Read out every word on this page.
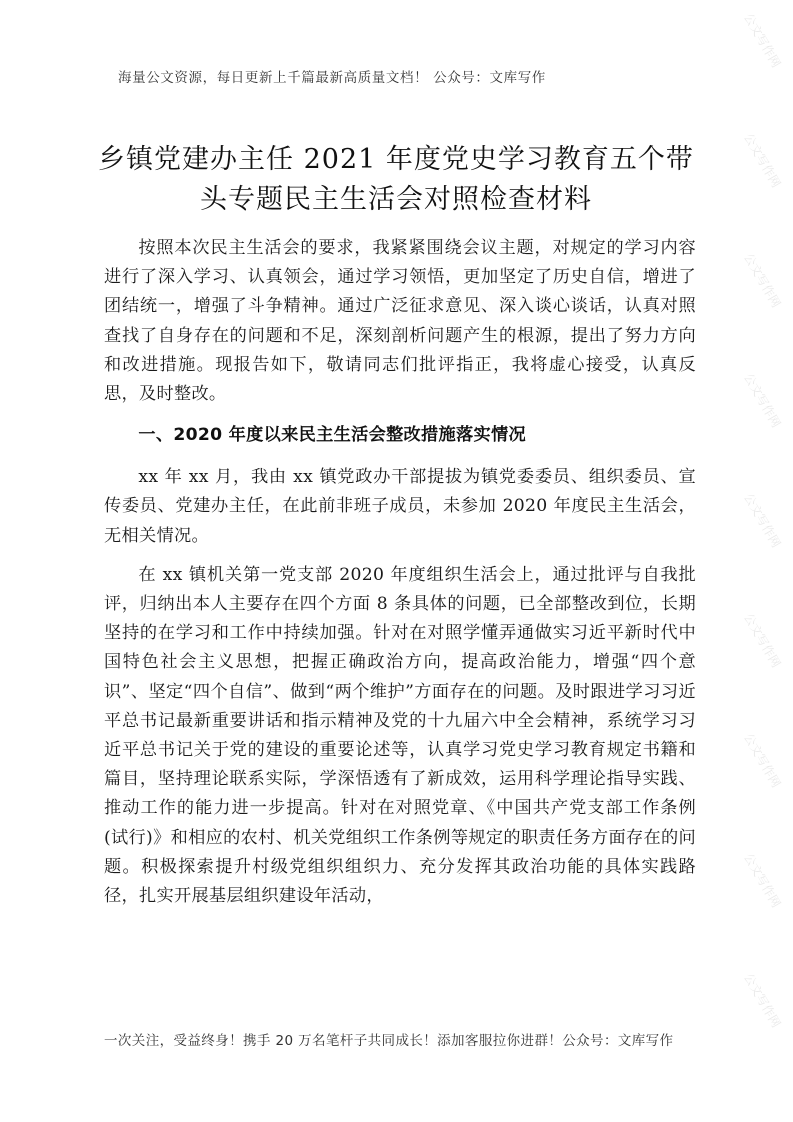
海量公文资源，每日更新上千篇最新高质量文档！ 公众号：文库写作
乡镇党建办主任 2021 年度党史学习教育五个带头专题民主生活会对照检查材料

按照本次民主生活会的要求，我紧紧围绕会议主题，对规定的学习内容进行了深入学习、认真领会，通过学习领悟，更加坚定了历史自信，增进了团结统一，增强了斗争精神。通过广泛征求意见、深入谈心谈话，认真对照查找了自身存在的问题和不足，深刻剖析问题产生的根源，提出了努力方向和改进措施。现报告如下，敬请同志们批评指正，我将虚心接受，认真反思，及时整改。

一、2020 年度以来民主生活会整改措施落实情况

xx 年 xx 月，我由 xx 镇党政办干部提拔为镇党委委员、组织委员、宣传委员、党建办主任，在此前非班子成员，未参加 2020 年度民主生活会，无相关情况。

在 xx 镇机关第一党支部 2020 年度组织生活会上，通过批评与自我批评，归纳出本人主要存在四个方面 8 条具体的问题，已全部整改到位，长期坚持的在学习和工作中持续加强。针对在对照学懂弄通做实习近平新时代中国特色社会主义思想，把握正确政治方向，提高政治能力，增强“四个意识”、坚定“四个自信”、做到“两个维护”方面存在的问题。及时跟进学习习近平总书记最新重要讲话和指示精神及党的十九届六中全会精神，系统学习习近平总书记关于党的建设的重要论述等，认真学习党史学习教育规定书籍和篇目，坚持理论联系实际，学深悟透有了新成效，运用科学理论指导实践、推动工作的能力进一步提高。针对在对照党章、《中国共产党支部工作条例(试行)》和相应的农村、机关党组织工作条例等规定的职责任务方面存在的问题。积极探索提升村级党组织组织力、充分发挥其政治功能的具体实践路径，扎实开展基层组织建设年活动，

一次关注，受益终身！携手 20 万名笔杆子共同成长！添加客服拉你进群！公众号：文库写作
公文写作网
公文写作网
公文写作网
公文写作网
公文写作网
公文写作网
公文写作网
公文写作网
公文写作网
